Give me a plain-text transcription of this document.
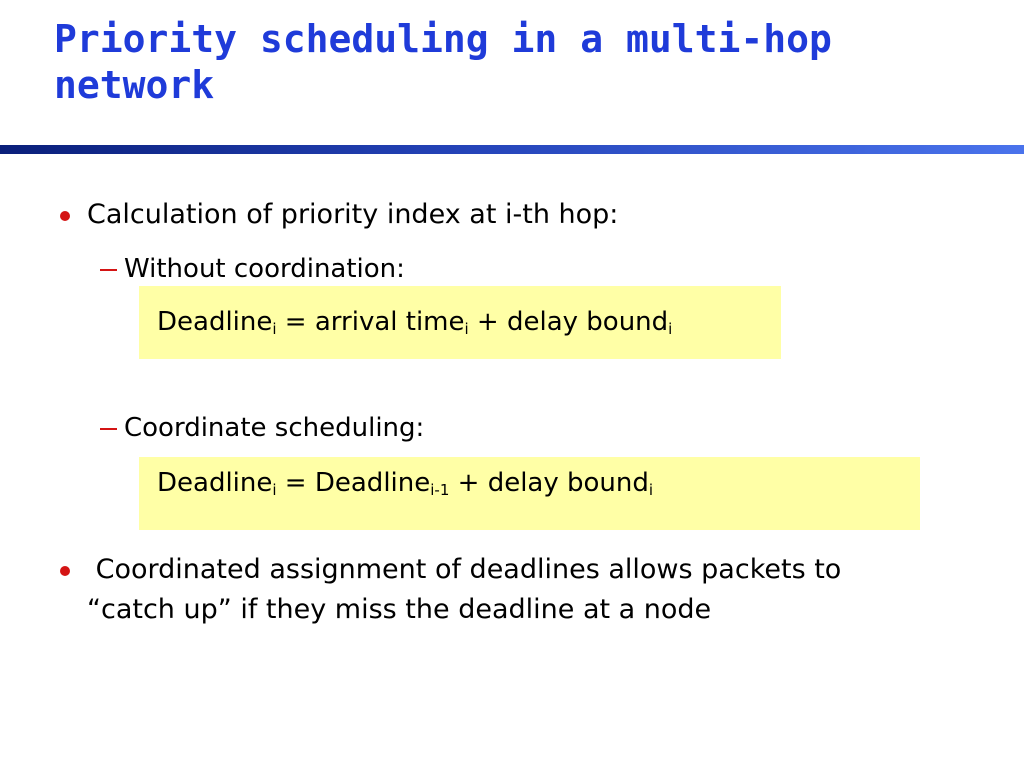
Priority scheduling in a multi-hop network
Calculation of priority index at i-th hop:
Without coordination:
Deadline$_i$ = arrival time$_i$ + delay bound$_i$
Coordinate scheduling:
Deadline$_i$ = Deadline$_{i-1}$ + delay bound$_i$
Coordinated assignment of deadlines allows packets to “catch up” if they miss the deadline at a node
